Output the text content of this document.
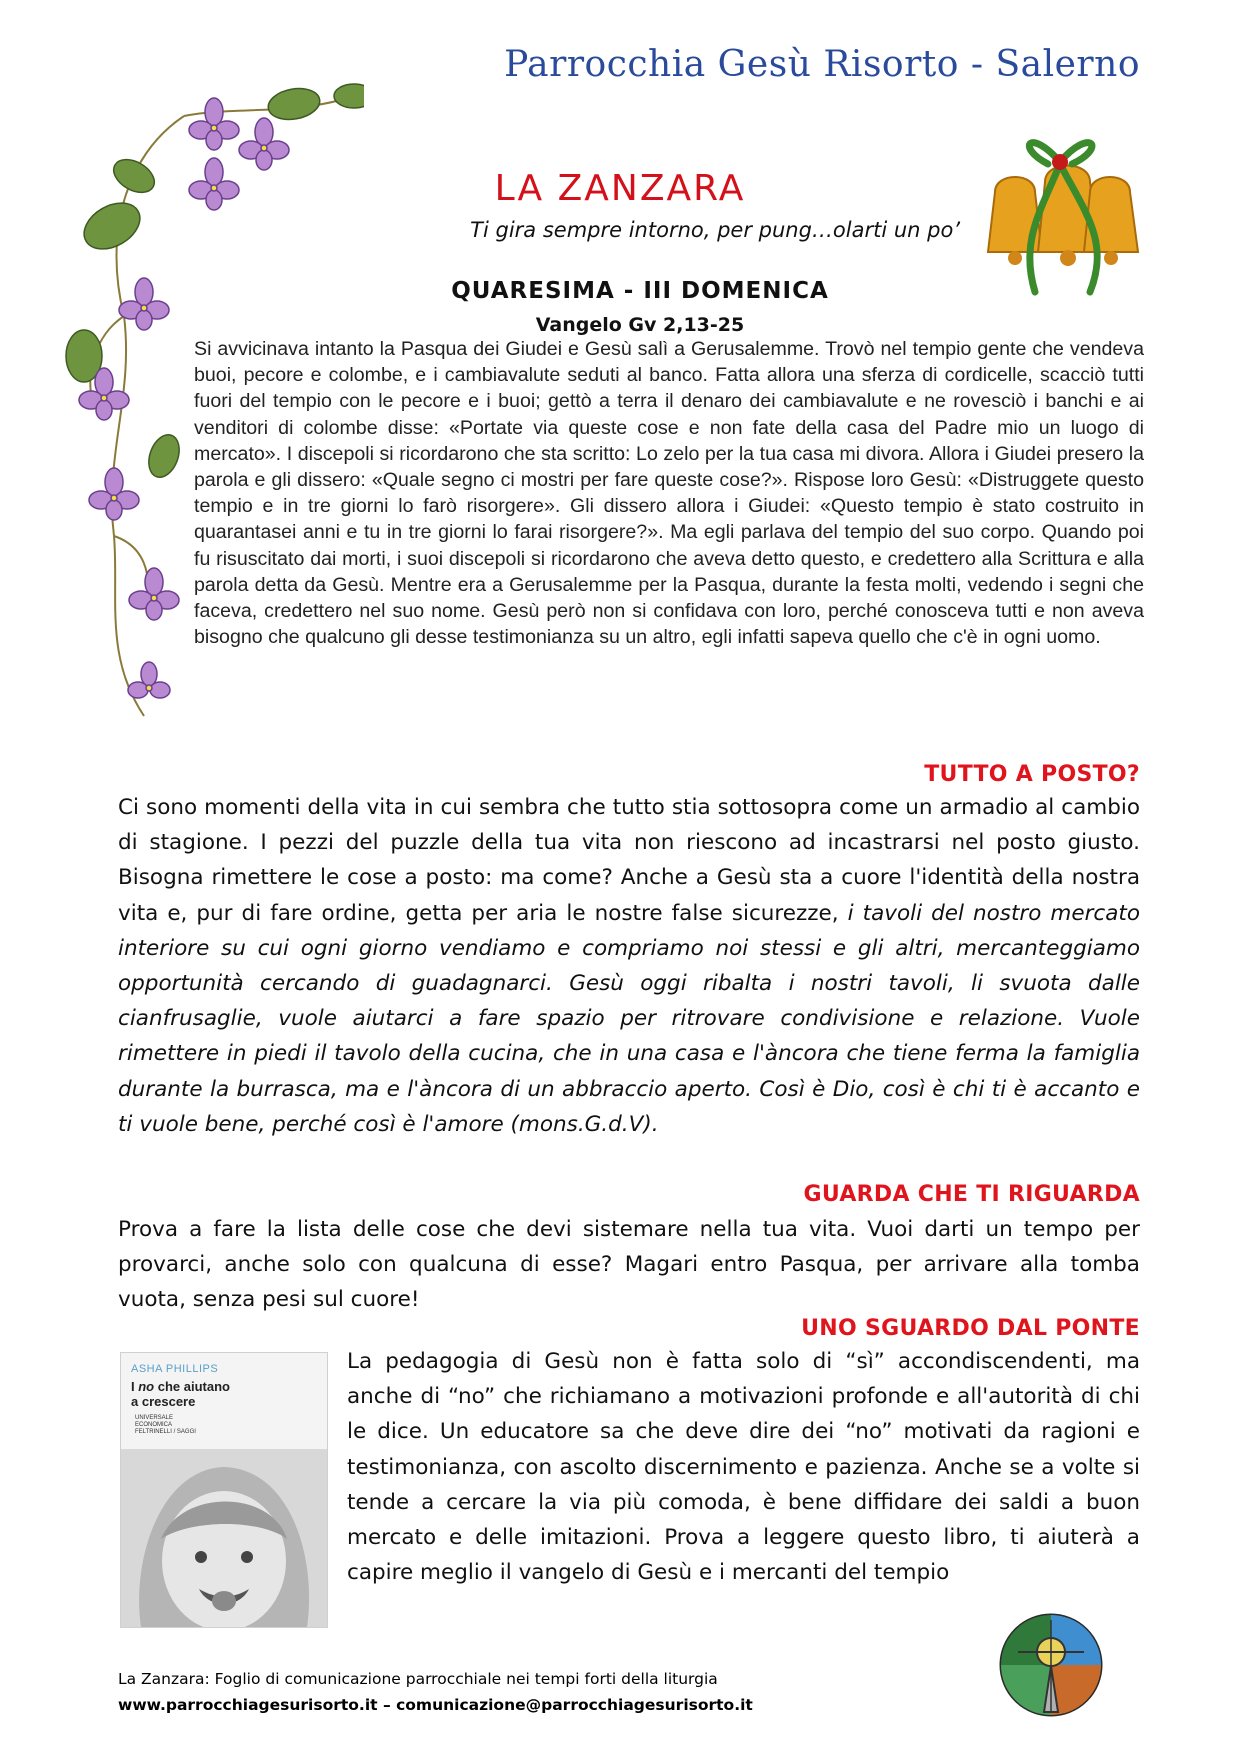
Parrocchia Gesù Risorto - Salerno
LA ZANZARA
Ti gira sempre intorno, per pung…olarti un po’
QUARESIMA - III DOMENICA
Vangelo Gv 2,13-25

Si avvicinava intanto la Pasqua dei Giudei e Gesù salì a Gerusalemme. Trovò nel tempio gente che vendeva buoi, pecore e colombe, e i cambiavalute seduti al banco. Fatta allora una sferza di cordicelle, scacciò tutti fuori del tempio con le pecore e i buoi; gettò a terra il denaro dei cambiavalute e ne rovesciò i banchi e ai venditori di colombe disse: «Portate via queste cose e non fate della casa del Padre mio un luogo di mercato». I discepoli si ricordarono che sta scritto: Lo zelo per la tua casa mi divora. Allora i Giudei presero la parola e gli dissero: «Quale segno ci mostri per fare queste cose?». Rispose loro Gesù: «Distruggete questo tempio e in tre giorni lo farò risorgere». Gli dissero allora i Giudei: «Questo tempio è stato costruito in quarantasei anni e tu in tre giorni lo farai risorgere?». Ma egli parlava del tempio del suo corpo. Quando poi fu risuscitato dai morti, i suoi discepoli si ricordarono che aveva detto questo, e credettero alla Scrittura e alla parola detta da Gesù. Mentre era a Gerusalemme per la Pasqua, durante la festa molti, vedendo i segni che faceva, credettero nel suo nome. Gesù però non si confidava con loro, perché conosceva tutti e non aveva bisogno che qualcuno gli desse testimonianza su un altro, egli infatti sapeva quello che c'è in ogni uomo.

TUTTO A POSTO?

Ci sono momenti della vita in cui sembra che tutto stia sottosopra come un armadio al cambio di stagione. I pezzi del puzzle della tua vita non riescono ad incastrarsi nel posto giusto. Bisogna rimettere le cose a posto: ma come? Anche a Gesù sta a cuore l'identità della nostra vita e, pur di fare ordine, getta per aria le nostre false sicurezze, i tavoli del nostro mercato interiore su cui ogni giorno vendiamo e compriamo noi stessi e gli altri, mercanteggiamo opportunità cercando di guadagnarci. Gesù oggi ribalta i nostri tavoli, li svuota dalle cianfrusaglie, vuole aiutarci a fare spazio per ritrovare condivisione e relazione. Vuole rimettere in piedi il tavolo della cucina, che in una casa e l'àncora che tiene ferma la famiglia durante la burrasca, ma e l'àncora di un abbraccio aperto. Così è Dio, così è chi ti è accanto e ti vuole bene, perché così è l'amore (mons.G.d.V).

GUARDA CHE TI RIGUARDA

Prova a fare la lista delle cose che devi sistemare nella tua vita. Vuoi darti un tempo per provarci, anche solo con qualcuna di esse? Magari entro Pasqua, per arrivare alla tomba vuota, senza pesi sul cuore!

UNO SGUARDO DAL PONTE
ASHA PHILLIPS
I no che aiutano
a crescere
UNIVERSALE
ECONOMICA
FELTRINELLI / SAGGI

La pedagogia di Gesù non è fatta solo di “sì” accondiscendenti, ma anche di “no” che richiamano a motivazioni profonde e all'autorità di chi le dice. Un educatore sa che deve dire dei “no” motivati da ragioni e testimonianza, con ascolto discernimento e pazienza. Anche se a volte si tende a cercare la via più comoda, è bene diffidare dei saldi a buon mercato e delle imitazioni. Prova a leggere questo libro, ti aiuterà a capire meglio il vangelo di Gesù e i mercanti del tempio

La Zanzara: Foglio di comunicazione parrocchiale nei tempi forti della liturgia
www.parrocchiagesurisorto.it – comunicazione@parrocchiagesurisorto.it
